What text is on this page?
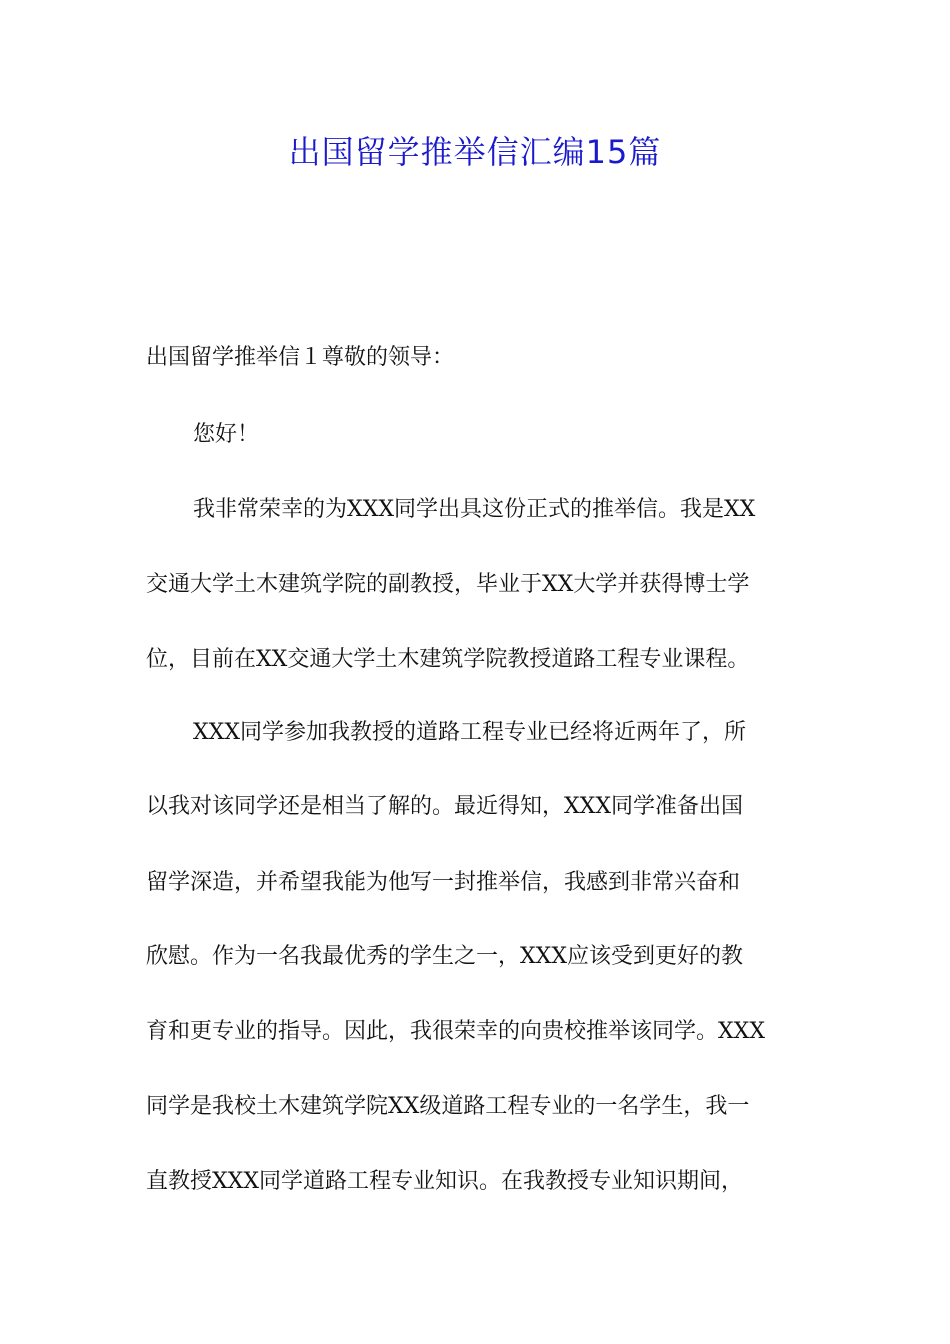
出国留学推举信汇编15篇
出国留学推举信１尊敬的领导：
您好！
我非常荣幸的为XXX同学出具这份正式的推举信。我是XX
交通大学土木建筑学院的副教授，毕业于XX大学并获得博士学
位，目前在XX交通大学土木建筑学院教授道路工程专业课程。
XXX同学参加我教授的道路工程专业已经将近两年了，所
以我对该同学还是相当了解的。最近得知，XXX同学准备出国
留学深造，并希望我能为他写一封推举信，我感到非常兴奋和
欣慰。作为一名我最优秀的学生之一，XXX应该受到更好的教
育和更专业的指导。因此，我很荣幸的向贵校推举该同学。XXX
同学是我校土木建筑学院XX级道路工程专业的一名学生，我一
直教授XXX同学道路工程专业知识。在我教授专业知识期间，
